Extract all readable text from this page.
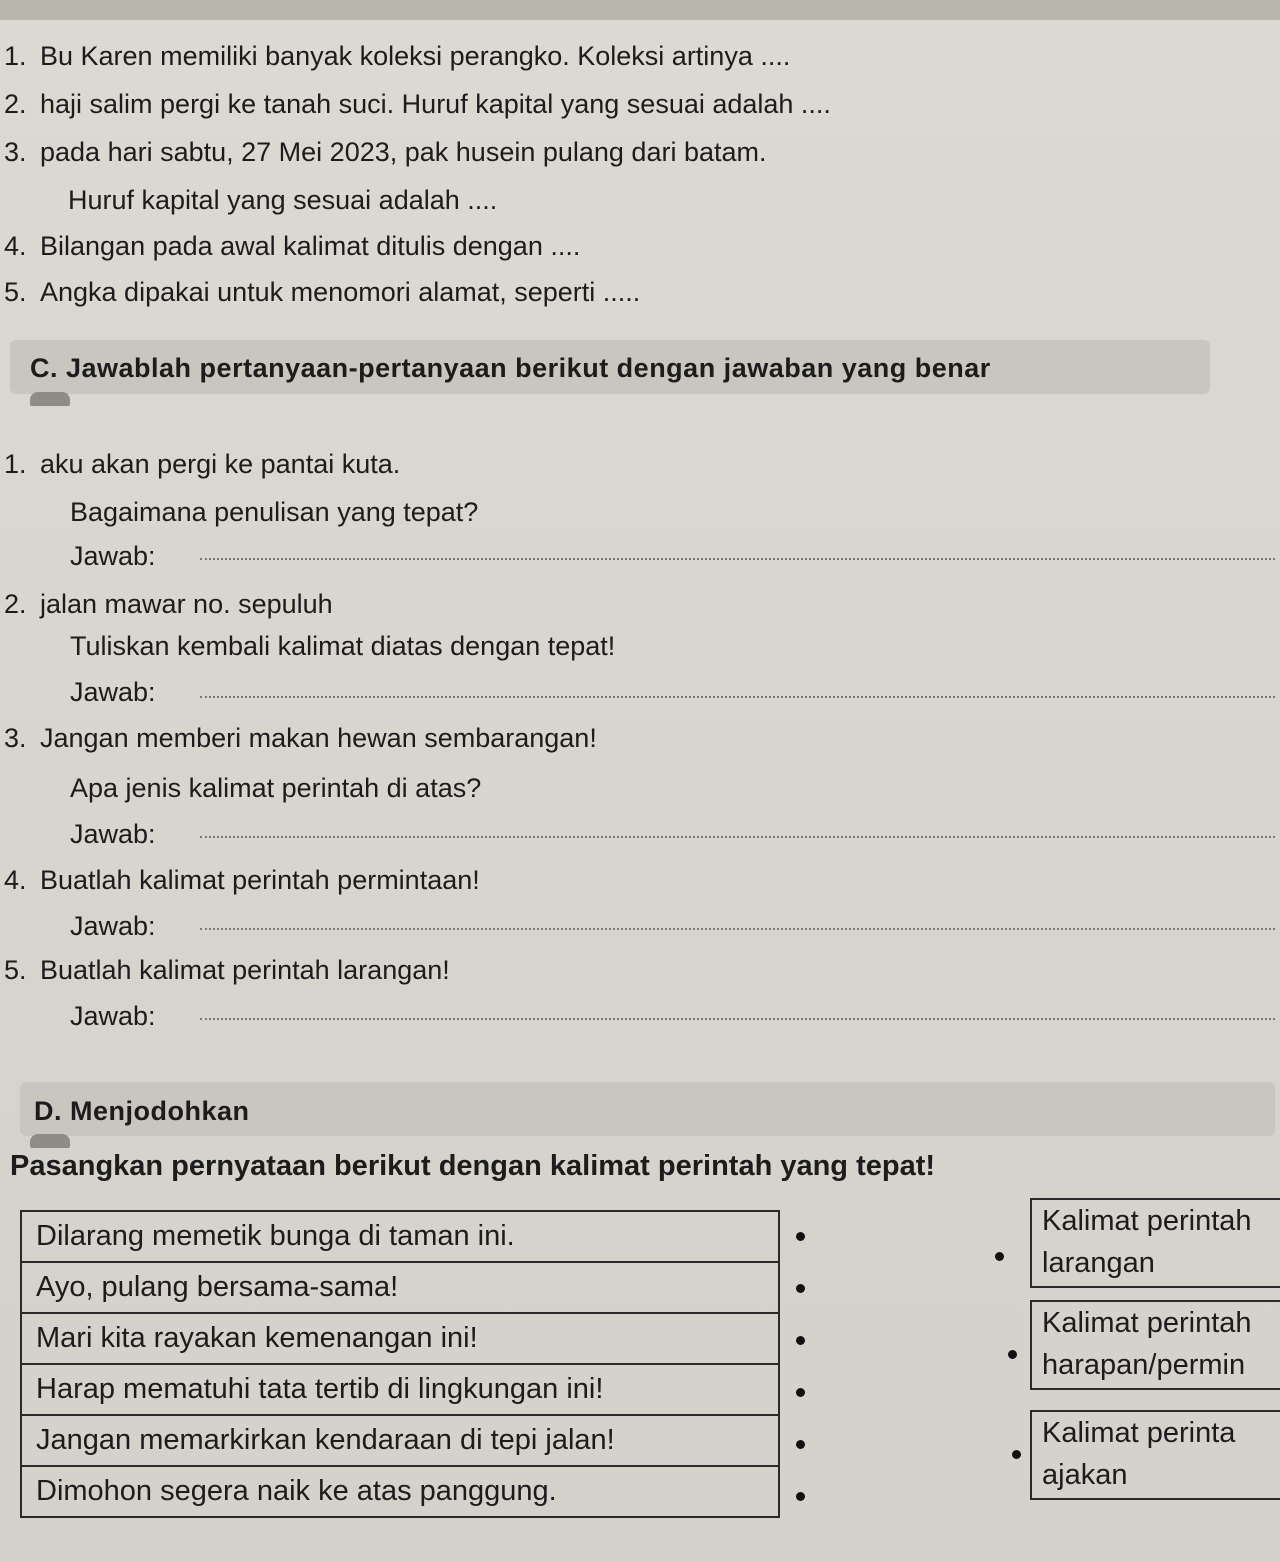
1. Bu Karen memiliki banyak koleksi perangko. Koleksi artinya ....
2. haji salim pergi ke tanah suci. Huruf kapital yang sesuai adalah ....
3. pada hari sabtu, 27 Mei 2023, pak husein pulang dari batam.
Huruf kapital yang sesuai adalah ....
4. Bilangan pada awal kalimat ditulis dengan ....
5. Angka dipakai untuk menomori alamat, seperti .....
C. Jawablah pertanyaan-pertanyaan berikut dengan jawaban yang benar
1. aku akan pergi ke pantai kuta.
Bagaimana penulisan yang tepat?
Jawab:
2. jalan mawar no. sepuluh
Tuliskan kembali kalimat diatas dengan tepat!
Jawab:
3. Jangan memberi makan hewan sembarangan!
Apa jenis kalimat perintah di atas?
Jawab:
4. Buatlah kalimat perintah permintaan!
Jawab:
5. Buatlah kalimat perintah larangan!
Jawab:
D. Menjodohkan
Pasangkan pernyataan berikut dengan kalimat perintah yang tepat!
Dilarang memetik bunga di taman ini.
Ayo, pulang bersama-sama!
Mari kita rayakan kemenangan ini!
Harap mematuhi tata tertib di lingkungan ini!
Jangan memarkirkan kendaraan di tepi jalan!
Dimohon segera naik ke atas panggung.
Kalimat perintah
larangan
Kalimat perintah
harapan/permin
Kalimat perinta
ajakan
